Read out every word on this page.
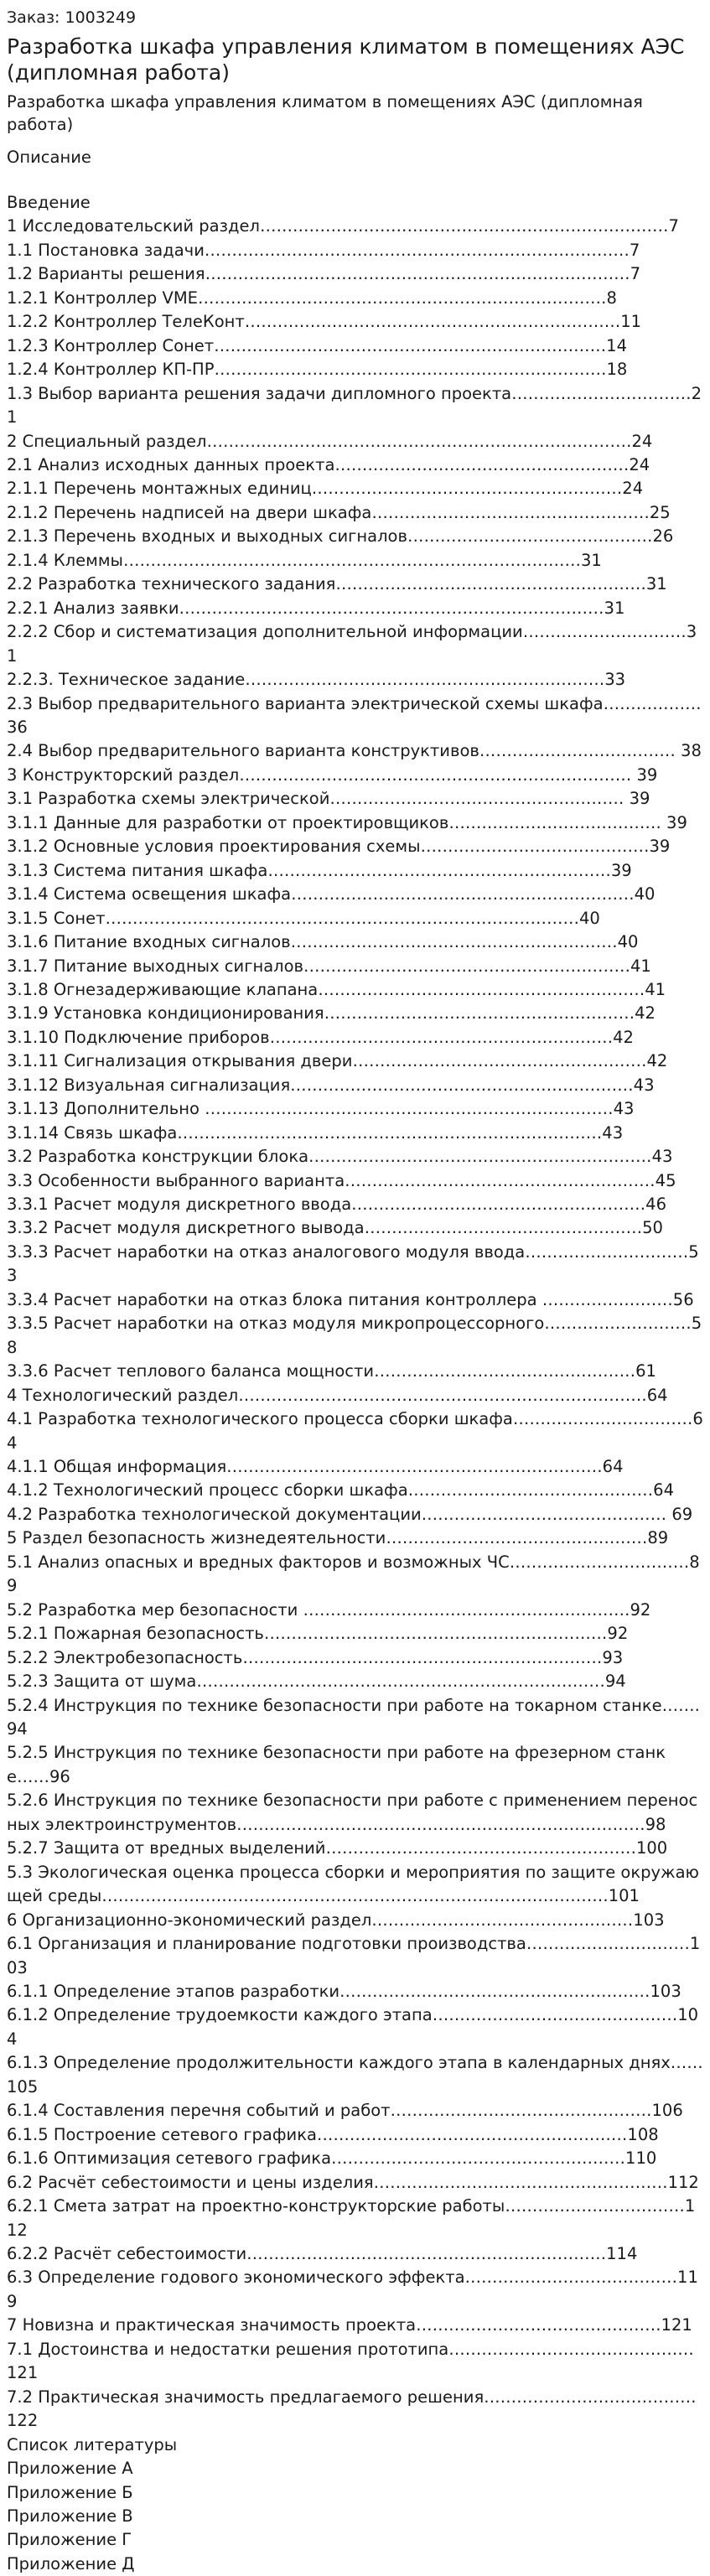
Заказ: 1003249
Разработка шкафа управления климатом в помещениях АЭС (дипломная работа)
Разработка шкафа управления климатом в помещениях АЭС (дипломная работа)
Описание
Введение
1 Исследовательский раздел…………………………………………………………………7
1.1 Постановка задачи……………………………………………………………………7
1.2 Варианты решения……………………………………………………………………7
1.2.1 Контроллер VME…………………………………………………………………8
1.2.2 Контроллер ТелеКонт……………………………………………………………11
1.2.3 Контроллер Сонет………………………………………………………………14
1.2.4 Контроллер КП-ПР………………………………………………………………18
1.3 Выбор варианта решения задачи дипломного проекта……………………………21
2 Специальный раздел……………………………………………………………………24
2.1 Анализ исходных данных проекта………………………………………………24
2.1.1 Перечень монтажных единиц…………………………………………………24
2.1.2 Перечень надписей на двери шкафа……………………………………………25
2.1.3 Перечень входных и выходных сигналов………………………………………26
2.1.4 Клеммы…………………………………………………………………………31
2.2 Разработка технического задания…………………………………………………31
2.2.1 Анализ заявки……………………………………………………………………31
2.2.2 Сбор и систематизация дополнительной информации…………………………31
2.2.3. Техническое задание…………………………………………………………33
2.3 Выбор предварительного варианта электрической схемы шкафа………………36
2.4 Выбор предварительного варианта конструктивов……………………………… 38
3 Конструкторский раздел……………………………………………………………… 39
3.1 Разработка схемы электрической……………………………………………… 39
3.1.1 Данные для разработки от проектировщиков………………………………… 39
3.1.2 Основные условия проектирования схемы……………………………………39
3.1.3 Система питания шкафа………………………………………………………39
3.1.4 Система освещения шкафа………………………………………………………40
3.1.5 Сонет……………………………………………………………………………40
3.1.6 Питание входных сигналов……………………………………………………40
3.1.7 Питание выходных сигналов……………………………………………………41
3.1.8 Огнезадерживающие клапана……………………………………………………41
3.1.9 Установка кондиционирования…………………………………………………42
3.1.10 Подключение приборов………………………………………………………42
3.1.11 Сигнализация открывания двери………………………………………………42
3.1.12 Визуальная сигнализация………………………………………………………43
3.1.13 Дополнительно …………………………………………………………………43
3.1.14 Связь шкафа……………………………………………………………………43
3.2 Разработка конструкции блока………………………………………………………43
3.3 Особенности выбранного варианта…………………………………………………45
3.3.1 Расчет модуля дискретного ввода………………………………………………46
3.3.2 Расчет модуля дискретного вывода……………………………………………50
3.3.3 Расчет наработки на отказ аналогового модуля ввода…………………………53
3.3.4 Расчет наработки на отказ блока питания контроллера ……………………56
3.3.5 Расчет наработки на отказ модуля микропроцессорного………………………58
3.3.6 Расчет теплового баланса мощности…………………………………………61
4 Технологический раздел…………………………………………………………………64
4.1 Разработка технологического процесса сборки шкафа……………………………64
4.1.1 Общая информация……………………………………………………………64
4.1.2 Технологический процесс сборки шкафа………………………………………64
4.2 Разработка технологической документации……………………………………… 69
5 Раздел безопасность жизнедеятельности…………………………………………89
5.1 Анализ опасных и вредных факторов и возможных ЧС……………………………89
5.2 Разработка мер безопасности ……………………………………………………92
5.2.1 Пожарная безопасность………………………………………………………92
5.2.2 Электробезопасность…………………………………………………………93
5.2.3 Защита от шума…………………………………………………………………94
5.2.4 Инструкция по технике безопасности при работе на токарном станке…….94
5.2.5 Инструкция по технике безопасности при работе на фрезерном станке……96
5.2.6 Инструкция по технике безопасности при работе с применением переносных электроинструментов…………………………………………………………………98
5.2.7 Защита от вредных выделений…………………………………………………100
5.3 Экологическая оценка процесса сборки и мероприятия по защите окружающей среды…………………………………………………………………………………101
6 Организационно-экономический раздел…………………………………………103
6.1 Организация и планирование подготовки производства…………………………103
6.1.1 Определение этапов разработки…………………………………………………103
6.1.2 Определение трудоемкости каждого этапа………………………………………104
6.1.3 Определение продолжительности каждого этапа в календарных днях……105
6.1.4 Составления перечня событий и работ…………………………………………106
6.1.5 Построение сетевого графика…………………………………………………108
6.1.6 Оптимизация сетевого графика………………………………………………110
6.2 Расчёт себестоимости и цены изделия………………………………………………112
6.2.1 Смета затрат на проектно-конструкторские работы……………………………112
6.2.2 Расчёт себестоимости…………………………………………………………114
6.3 Определение годового экономического эффекта…………………………………119
7 Новизна и практическая значимость проекта………………………………………121
7.1 Достоинства и недостатки решения прототипа………………………………………121
7.2 Практическая значимость предлагаемого решения…………………………………122
Список литературы
Приложение А
Приложение Б
Приложение В
Приложение Г
Приложение Д
